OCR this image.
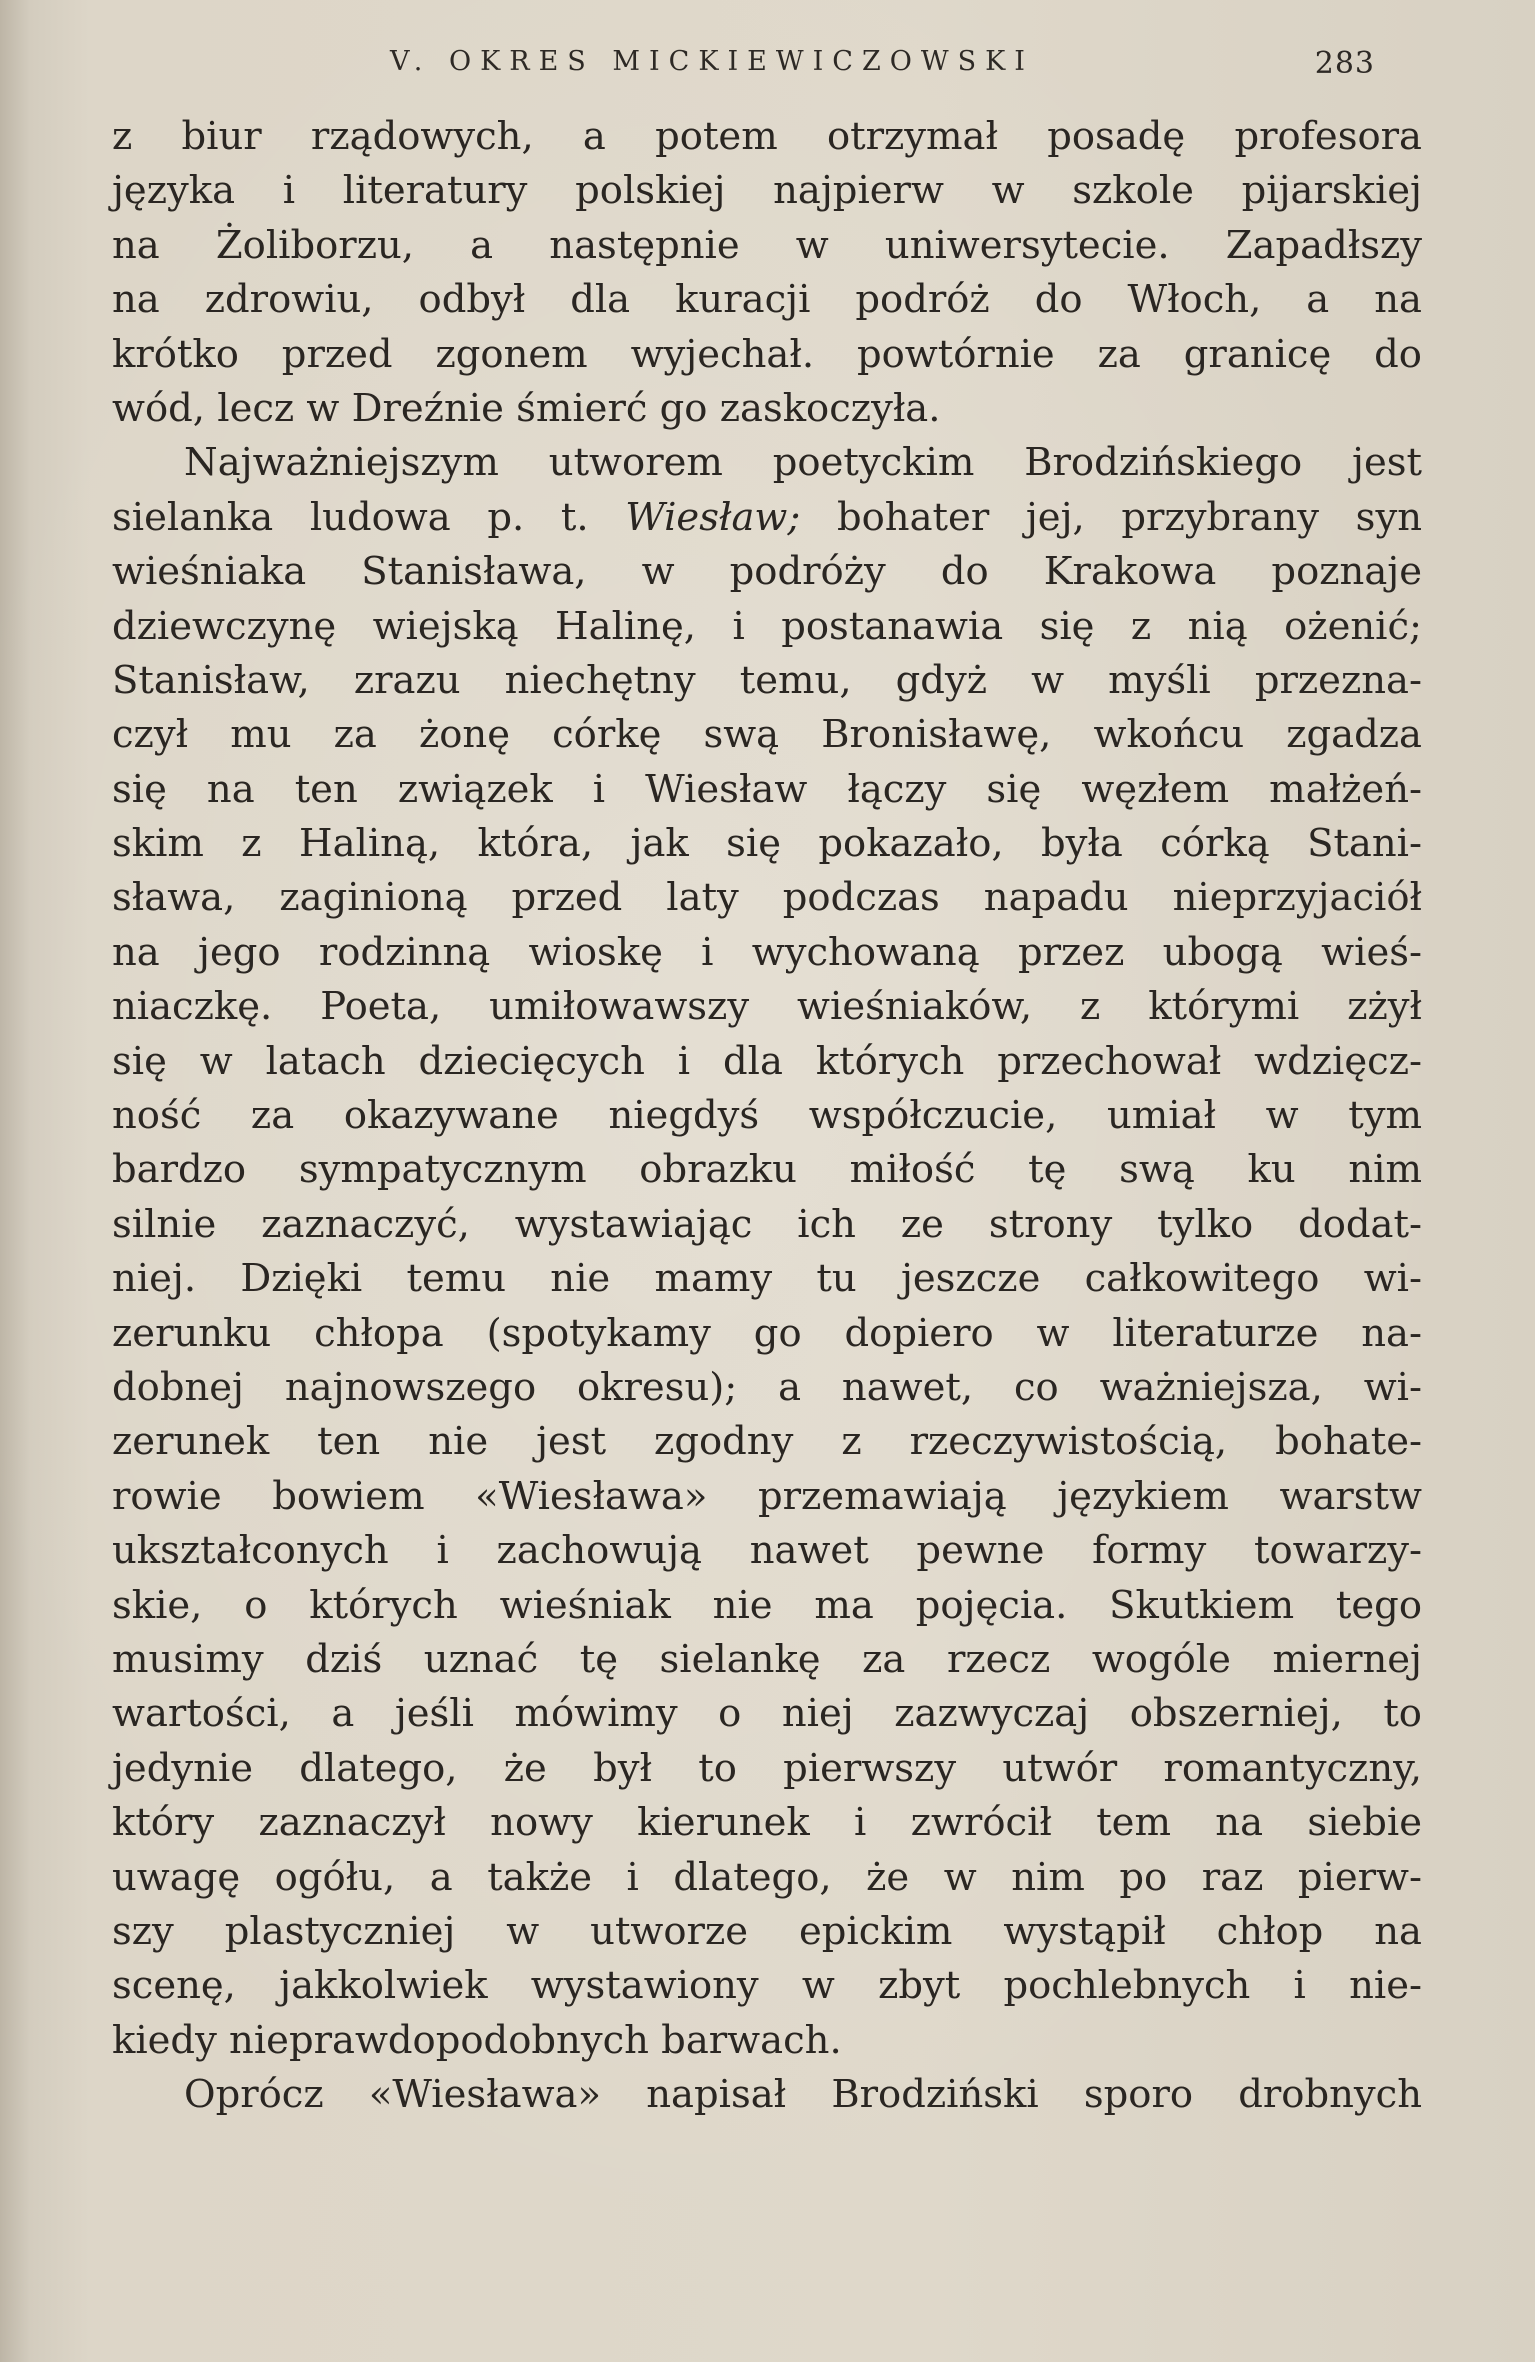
V. OKRES MICKIEWICZOWSKI	283
z biur rządowych, a potem otrzymał posadę profesora
języka i literatury polskiej najpierw w szkole pijarskiej
na Żoliborzu, a następnie w uniwersytecie. Zapadłszy
na zdrowiu, odbył dla kuracji podróż do Włoch, a na
krótko przed zgonem wyjechał. powtórnie za granicę do
wód, lecz w Dreźnie śmierć go zaskoczyła.
Najważniejszym utworem poetyckim Brodzińskiego jest
sielanka ludowa p. t. Wiesław; bohater jej, przybrany syn
wieśniaka Stanisława, w podróży do Krakowa poznaje
dziewczynę wiejską Halinę, i postanawia się z nią ożenić;
Stanisław, zrazu niechętny temu, gdyż w myśli przezna-
czył mu za żonę córkę swą Bronisławę, wkońcu zgadza
się na ten związek i Wiesław łączy się węzłem małżeń-
skim z Haliną, która, jak się pokazało, była córką Stani-
sława, zaginioną przed laty podczas napadu nieprzyjaciół
na jego rodzinną wioskę i wychowaną przez ubogą wieś-
niaczkę. Poeta, umiłowawszy wieśniaków, z którymi zżył
się w latach dziecięcych i dla których przechował wdzięcz-
ność za okazywane niegdyś współczucie, umiał w tym
bardzo sympatycznym obrazku miłość tę swą ku nim
silnie zaznaczyć, wystawiając ich ze strony tylko dodat-
niej. Dzięki temu nie mamy tu jeszcze całkowitego wi-
zerunku chłopa (spotykamy go dopiero w literaturze na-
dobnej najnowszego okresu); a nawet, co ważniejsza, wi-
zerunek ten nie jest zgodny z rzeczywistością, bohate-
rowie bowiem «Wiesława» przemawiają językiem warstw
ukształconych i zachowują nawet pewne formy towarzy-
skie, o których wieśniak nie ma pojęcia. Skutkiem tego
musimy dziś uznać tę sielankę za rzecz wogóle miernej
wartości, a jeśli mówimy o niej zazwyczaj obszerniej, to
jedynie dlatego, że był to pierwszy utwór romantyczny,
który zaznaczył nowy kierunek i zwrócił tem na siebie
uwagę ogółu, a także i dlatego, że w nim po raz pierw-
szy plastyczniej w utworze epickim wystąpił chłop na
scenę, jakkolwiek wystawiony w zbyt pochlebnych i nie-
kiedy nieprawdopodobnych barwach.
Oprócz «Wiesława» napisał Brodziński sporo drobnych
